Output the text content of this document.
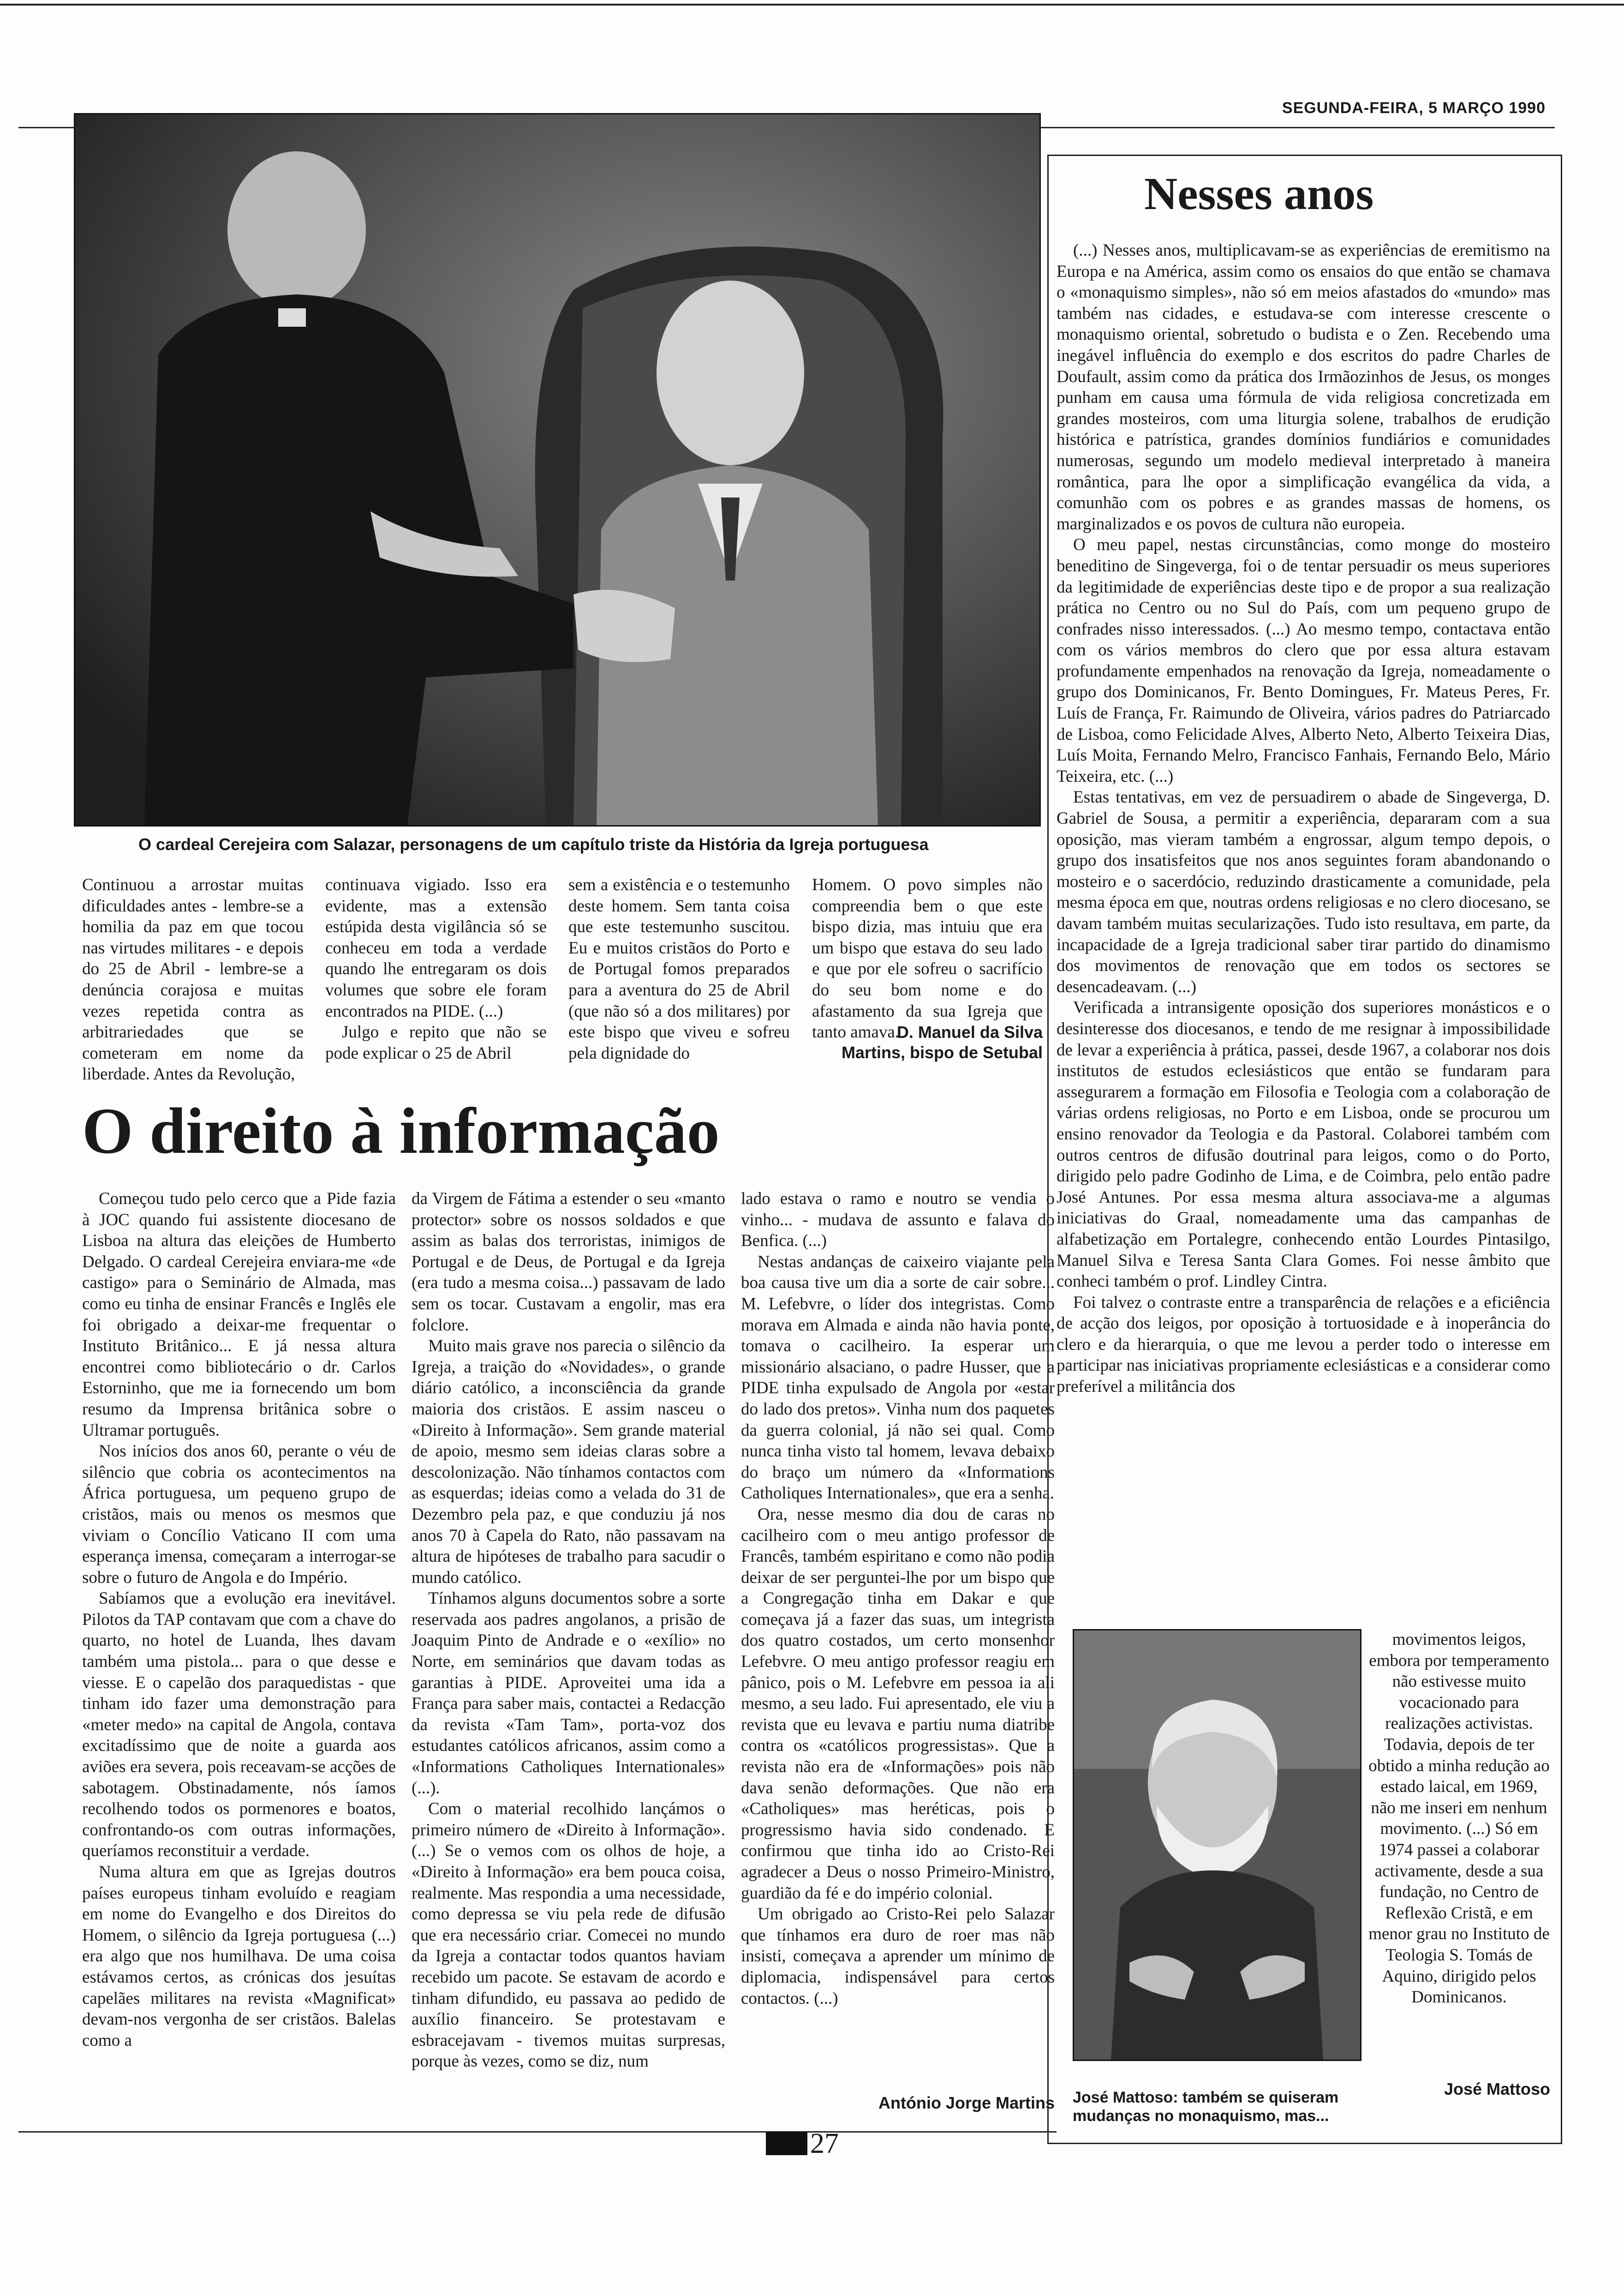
SEGUNDA-FEIRA, 5 MARÇO 1990
O cardeal Cerejeira com Salazar, personagens de um capítulo triste da História da Igreja portuguesa

Continuou a arrostar muitas dificuldades antes - lembre-se a homilia da paz em que tocou nas virtudes militares - e depois do 25 de Abril - lembre-se a denúncia corajosa e muitas vezes repetida contra as arbitrariedades que se cometeram em nome da liberdade. Antes da Revolução,

continuava vigiado. Isso era evidente, mas a extensão estúpida desta vigilância só se conheceu em toda a verdade quando lhe entregaram os dois volumes que sobre ele foram encontrados na PIDE. (...)

Julgo e repito que não se pode explicar o 25 de Abril

sem a existência e o testemunho deste homem. Sem tanta coisa que este testemunho suscitou. Eu e muitos cristãos do Porto e de Portugal fomos preparados para a aventura do 25 de Abril (que não só a dos militares) por este bispo que viveu e sofreu pela dignidade do

Homem. O povo simples não compreendia bem o que este bispo dizia, mas intuiu que era um bispo que estava do seu lado e que por ele sofreu o sacrifício do seu bom nome e do afastamento da sua Igreja que tanto amava.

D. Manuel da Silva
Martins, bispo de Setubal
O direito à informação

Começou tudo pelo cerco que a Pide fazia à JOC quando fui assistente diocesano de Lisboa na altura das eleições de Humberto Delgado. O cardeal Cerejeira enviara-me «de castigo» para o Seminário de Almada, mas como eu tinha de ensinar Francês e Inglês ele foi obrigado a deixar-me frequentar o Instituto Britânico... E já nessa altura encontrei como bibliotecário o dr. Carlos Estorninho, que me ia fornecendo um bom resumo da Imprensa britânica sobre o Ultramar português.

Nos inícios dos anos 60, perante o véu de silêncio que cobria os acontecimentos na África portuguesa, um pequeno grupo de cristãos, mais ou menos os mesmos que viviam o Concílio Vaticano II com uma esperança imensa, começaram a interrogar-se sobre o futuro de Angola e do Império.

Sabíamos que a evolução era inevitável. Pilotos da TAP contavam que com a chave do quarto, no hotel de Luanda, lhes davam também uma pistola... para o que desse e viesse. E o capelão dos paraquedistas - que tinham ido fazer uma demonstração para «meter medo» na capital de Angola, contava excitadíssimo que de noite a guarda aos aviões era severa, pois receavam-se acções de sabotagem. Obstinadamente, nós íamos recolhendo todos os pormenores e boatos, confrontando-os com outras informações, queríamos reconstituir a verdade.

Numa altura em que as Igrejas doutros países europeus tinham evoluído e reagiam em nome do Evangelho e dos Direitos do Homem, o silêncio da Igreja portuguesa (...) era algo que nos humilhava. De uma coisa estávamos certos, as crónicas dos jesuítas capelães militares na revista «Magnificat» devam-nos vergonha de ser cristãos. Balelas como a

da Virgem de Fátima a estender o seu «manto protector» sobre os nossos soldados e que assim as balas dos terroristas, inimigos de Portugal e de Deus, de Portugal e da Igreja (era tudo a mesma coisa...) passavam de lado sem os tocar. Custavam a engolir, mas era folclore.

Muito mais grave nos parecia o silêncio da Igreja, a traição do «Novidades», o grande diário católico, a inconsciência da grande maioria dos cristãos. E assim nasceu o «Direito à Informação». Sem grande material de apoio, mesmo sem ideias claras sobre a descolonização. Não tínhamos contactos com as esquerdas; ideias como a velada do 31 de Dezembro pela paz, e que conduziu já nos anos 70 à Capela do Rato, não passavam na altura de hipóteses de trabalho para sacudir o mundo católico.

Tínhamos alguns documentos sobre a sorte reservada aos padres angolanos, a prisão de Joaquim Pinto de Andrade e o «exílio» no Norte, em seminários que davam todas as garantias à PIDE. Aproveitei uma ida a França para saber mais, contactei a Redacção da revista «Tam Tam», porta-voz dos estudantes católicos africanos, assim como a «Informations Catholiques Internationales» (...).

Com o material recolhido lançámos o primeiro número de «Direito à Informação». (...) Se o vemos com os olhos de hoje, a «Direito à Informação» era bem pouca coisa, realmente. Mas respondia a uma necessidade, como depressa se viu pela rede de difusão que era necessário criar. Comecei no mundo da Igreja a contactar todos quantos haviam recebido um pacote. Se estavam de acordo e tinham difundido, eu passava ao pedido de auxílio financeiro. Se protestavam e esbracejavam - tivemos muitas surpresas, porque às vezes, como se diz, num

lado estava o ramo e noutro se vendia o vinho... - mudava de assunto e falava do Benfica. (...)

Nestas andanças de caixeiro viajante pela boa causa tive um dia a sorte de cair sobre... M. Lefebvre, o líder dos integristas. Como morava em Almada e ainda não havia ponte, tomava o cacilheiro. Ia esperar um missionário alsaciano, o padre Husser, que a PIDE tinha expulsado de Angola por «estar do lado dos pretos». Vinha num dos paquetes da guerra colonial, já não sei qual. Como nunca tinha visto tal homem, levava debaixo do braço um número da «Informations Catholiques Internationales», que era a senha.

Ora, nesse mesmo dia dou de caras no cacilheiro com o meu antigo professor de Francês, também espiritano e como não podia deixar de ser perguntei-lhe por um bispo que a Congregação tinha em Dakar e que começava já a fazer das suas, um integrista dos quatro costados, um certo monsenhor Lefebvre. O meu antigo professor reagiu em pânico, pois o M. Lefebvre em pessoa ia ali mesmo, a seu lado. Fui apresentado, ele viu a revista que eu levava e partiu numa diatribe contra os «católicos progressistas». Que a revista não era de «Informações» pois não dava senão deformações. Que não era «Catholiques» mas heréticas, pois o progressismo havia sido condenado. E confirmou que tinha ido ao Cristo-Rei agradecer a Deus o nosso Primeiro-Ministro, guardião da fé e do império colonial.

Um obrigado ao Cristo-Rei pelo Salazar que tínhamos era duro de roer mas não insisti, começava a aprender um mínimo de diplomacia, indispensável para certos contactos. (...)

António Jorge Martins
Nesses anos

(...) Nesses anos, multiplicavam-se as experiências de eremitismo na Europa e na América, assim como os ensaios do que então se chamava o «monaquismo simples», não só em meios afastados do «mundo» mas também nas cidades, e estudava-se com interesse crescente o monaquismo oriental, sobretudo o budista e o Zen. Recebendo uma inegável influência do exemplo e dos escritos do padre Charles de Doufault, assim como da prática dos Irmãozinhos de Jesus, os monges punham em causa uma fórmula de vida religiosa concretizada em grandes mosteiros, com uma liturgia solene, trabalhos de erudição histórica e patrística, grandes domínios fundiários e comunidades numerosas, segundo um modelo medieval interpretado à maneira romântica, para lhe opor a simplificação evangélica da vida, a comunhão com os pobres e as grandes massas de homens, os marginalizados e os povos de cultura não europeia.

O meu papel, nestas circunstâncias, como monge do mosteiro beneditino de Singeverga, foi o de tentar persuadir os meus superiores da legitimidade de experiências deste tipo e de propor a sua realização prática no Centro ou no Sul do País, com um pequeno grupo de confrades nisso interessados. (...) Ao mesmo tempo, contactava então com os vários membros do clero que por essa altura estavam profundamente empenhados na renovação da Igreja, nomeadamente o grupo dos Dominicanos, Fr. Bento Domingues, Fr. Mateus Peres, Fr. Luís de França, Fr. Raimundo de Oliveira, vários padres do Patriarcado de Lisboa, como Felicidade Alves, Alberto Neto, Alberto Teixeira Dias, Luís Moita, Fernando Melro, Francisco Fanhais, Fernando Belo, Mário Teixeira, etc. (...)

Estas tentativas, em vez de persuadirem o abade de Singeverga, D. Gabriel de Sousa, a permitir a experiência, depararam com a sua oposição, mas vieram também a engrossar, algum tempo depois, o grupo dos insatisfeitos que nos anos seguintes foram abandonando o mosteiro e o sacerdócio, reduzindo drasticamente a comunidade, pela mesma época em que, noutras ordens religiosas e no clero diocesano, se davam também muitas secularizações. Tudo isto resultava, em parte, da incapacidade de a Igreja tradicional saber tirar partido do dinamismo dos movimentos de renovação que em todos os sectores se desencadeavam. (...)

Verificada a intransigente oposição dos superiores monásticos e o desinteresse dos diocesanos, e tendo de me resignar à impossibilidade de levar a experiência à prática, passei, desde 1967, a colaborar nos dois institutos de estudos eclesiásticos que então se fundaram para assegurarem a formação em Filosofia e Teologia com a colaboração de várias ordens religiosas, no Porto e em Lisboa, onde se procurou um ensino renovador da Teologia e da Pastoral. Colaborei também com outros centros de difusão doutrinal para leigos, como o do Porto, dirigido pelo padre Godinho de Lima, e de Coimbra, pelo então padre José Antunes. Por essa mesma altura associava-me a algumas iniciativas do Graal, nomeadamente uma das campanhas de alfabetização em Portalegre, conhecendo então Lourdes Pintasilgo, Manuel Silva e Teresa Santa Clara Gomes. Foi nesse âmbito que conheci também o prof. Lindley Cintra.

Foi talvez o contraste entre a transparência de relações e a eficiência de acção dos leigos, por oposição à tortuosidade e à inoperância do clero e da hierarquia, o que me levou a perder todo o interesse em participar nas iniciativas propriamente eclesiásticas e a considerar como preferível a militância dos

movimentos leigos, embora por temperamento não estivesse muito vocacionado para realizações activistas. Todavia, depois de ter obtido a minha redução ao estado laical, em 1969, não me inseri em nenhum movimento. (...) Só em 1974 passei a colaborar activamente, desde a sua fundação, no Centro de Reflexão Cristã, e em menor grau no Instituto de Teologia S. Tomás de Aquino, dirigido pelos Dominicanos.

José Mattoso
José Mattoso: também se quiseram mudanças no monaquismo, mas...
27
